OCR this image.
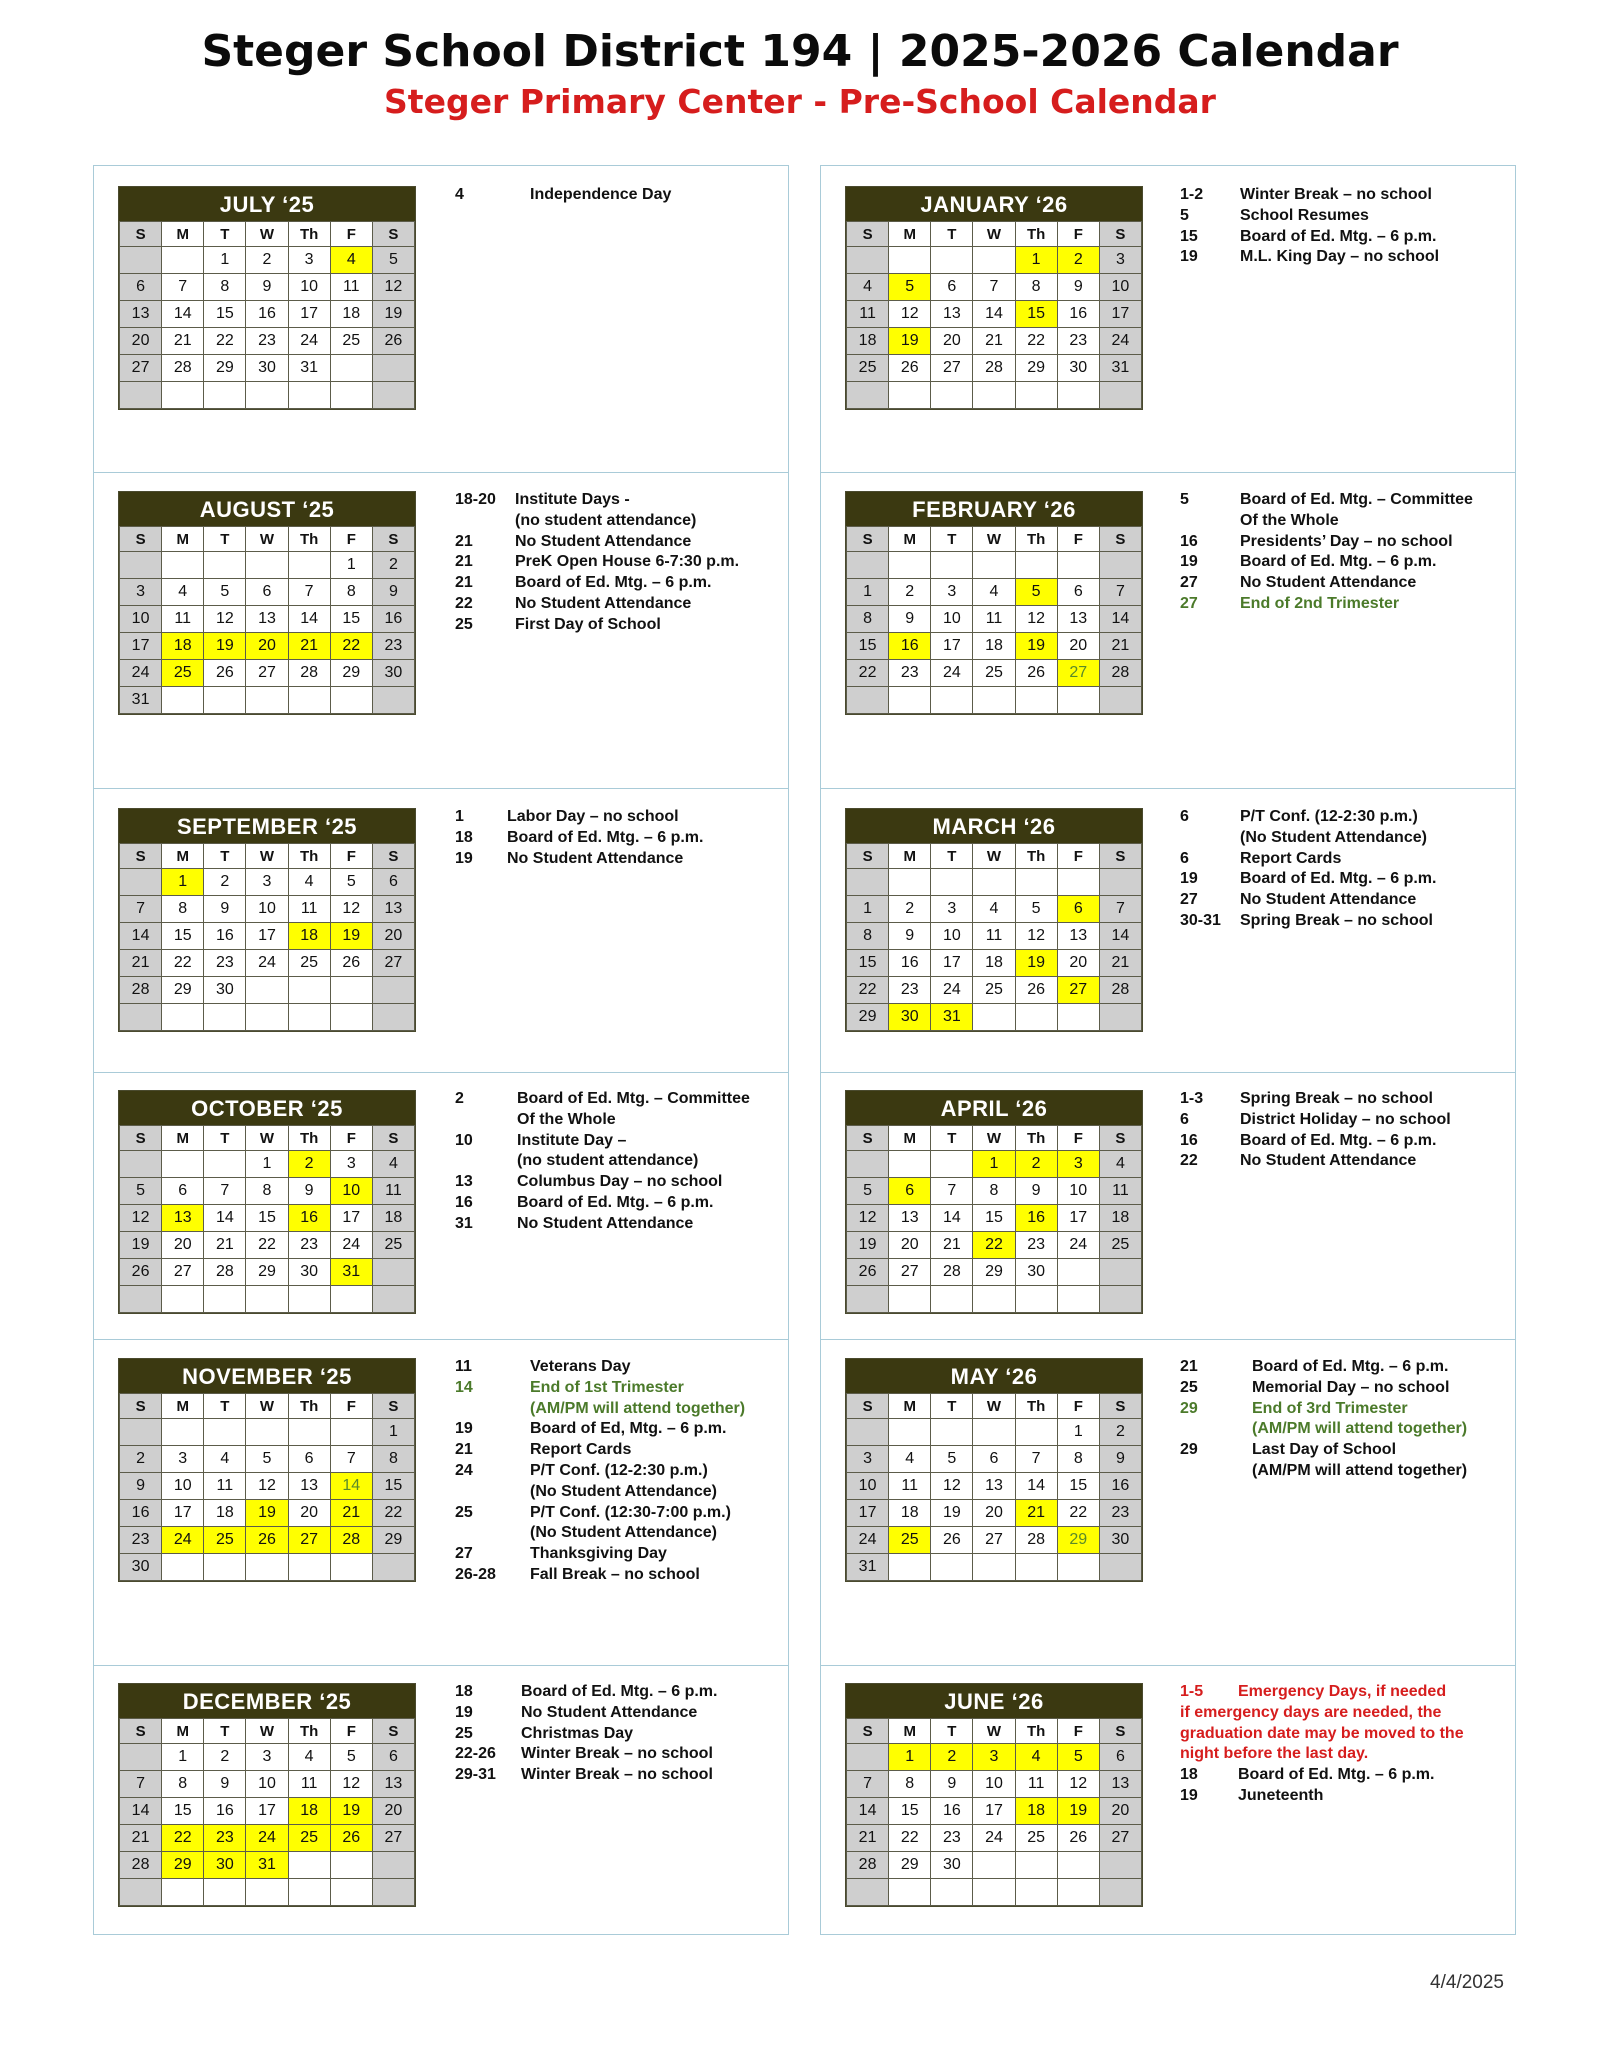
Steger School District 194 | 2025-2026 Calendar
Steger Primary Center - Pre-School Calendar
JULY ‘25
S	M	T	W	Th	F	S
		1	2	3	4	5
6	7	8	9	10	11	12
13	14	15	16	17	18	19
20	21	22	23	24	25	26
27	28	29	30	31		

4	Independence Day	JANUARY ‘26
S	M	T	W	Th	F	S
				1	2	3
4	5	6	7	8	9	10
11	12	13	14	15	16	17
18	19	20	21	22	23	24
25	26	27	28	29	30	31

1-2 Winter Break – no school
5	School Resumes
15	Board of Ed. Mtg. – 6 p.m.
19	M.L. King Day – no school
AUGUST ‘25
S	M	T	W	Th	F	S
					1	2
3	4	5	6	7	8	9
10	11	12	13	14	15	16
17	18	19	20	21	22	23
24	25	26	27	28	29	30
31						
18-20 Institute Days -
(no student attendance)
21	No Student Attendance
21	PreK Open House 6-7:30 p.m.
21	Board of Ed. Mtg. – 6 p.m.
22	No Student Attendance
25	First Day of School
FEBRUARY ‘26
S	M	T	W	Th	F	S

1	2	3	4	5	6	7
8	9	10	11	12	13	14
15	16	17	18	19	20	21
22	23	24	25	26	27	28

5	Board of Ed. Mtg. – Committee
Of the Whole
16	Presidents’ Day – no school
19	Board of Ed. Mtg. – 6 p.m.
27	No Student Attendance
27	End of 2nd Trimester
SEPTEMBER ‘25
S	M	T	W	Th	F	S
	1	2	3	4	5	6
7	8	9	10	11	12	13
14	15	16	17	18	19	20
21	22	23	24	25	26	27
28	29	30				

1	Labor Day – no school
18 Board of Ed. Mtg. – 6 p.m.
19 No Student Attendance
MARCH ‘26
S	M	T	W	Th	F	S

1	2	3	4	5	6	7
8	9	10	11	12	13	14
15	16	17	18	19	20	21
22	23	24	25	26	27	28
29	30	31				
6	P/T Conf. (12-2:30 p.m.)
(No Student Attendance)
6	Report Cards
19	Board of Ed. Mtg. – 6 p.m.
27	No Student Attendance
30-31 Spring Break – no school
OCTOBER ‘25
S	M	T	W	Th	F	S
			1	2	3	4
5	6	7	8	9	10	11
12	13	14	15	16	17	18
19	20	21	22	23	24	25
26	27	28	29	30	31	

2	Board of Ed. Mtg. – Committee
Of the Whole
10	Institute Day –
(no student attendance)
13	Columbus Day – no school
16	Board of Ed. Mtg. – 6 p.m.
31	No Student Attendance
APRIL ‘26
S	M	T	W	Th	F	S
			1	2	3	4
5	6	7	8	9	10	11
12	13	14	15	16	17	18
19	20	21	22	23	24	25
26	27	28	29	30		

1-3 Spring Break – no school
6	District Holiday – no school
16	Board of Ed. Mtg. – 6 p.m.
22	No Student Attendance
NOVEMBER ‘25
S	M	T	W	Th	F	S
						1
2	3	4	5	6	7	8
9	10	11	12	13	14	15
16	17	18	19	20	21	22
23	24	25	26	27	28	29
30						
11	Veterans Day
14	End of 1st Trimester
(AM/PM will attend together)
19	Board of Ed, Mtg. – 6 p.m.
21	Report Cards
24	P/T Conf. (12-2:30 p.m.)
(No Student Attendance)
25	P/T Conf. (12:30-7:00 p.m.)
(No Student Attendance)
27	Thanksgiving Day
26-28 Fall Break – no school
MAY ‘26
S	M	T	W	Th	F	S
					1	2
3	4	5	6	7	8	9
10	11	12	13	14	15	16
17	18	19	20	21	22	23
24	25	26	27	28	29	30
31						
21	Board of Ed. Mtg. – 6 p.m.
25	Memorial Day – no school
29	End of 3rd Trimester
(AM/PM will attend together)
29	Last Day of School
(AM/PM will attend together)
DECEMBER ‘25
S	M	T	W	Th	F	S
	1	2	3	4	5	6
7	8	9	10	11	12	13
14	15	16	17	18	19	20
21	22	23	24	25	26	27
28	29	30	31			

18	Board of Ed. Mtg. – 6 p.m.
19	No Student Attendance
25	Christmas Day
22-26 Winter Break – no school
29-31 Winter Break – no school
JUNE ‘26
S	M	T	W	Th	F	S
	1	2	3	4	5	6
7	8	9	10	11	12	13
14	15	16	17	18	19	20
21	22	23	24	25	26	27
28	29	30				

1-5 Emergency Days, if needed
if emergency days are needed, the
graduation date may be moved to the
night before the last day.
18	Board of Ed. Mtg. – 6 p.m.
19	Juneteenth
4/4/2025
